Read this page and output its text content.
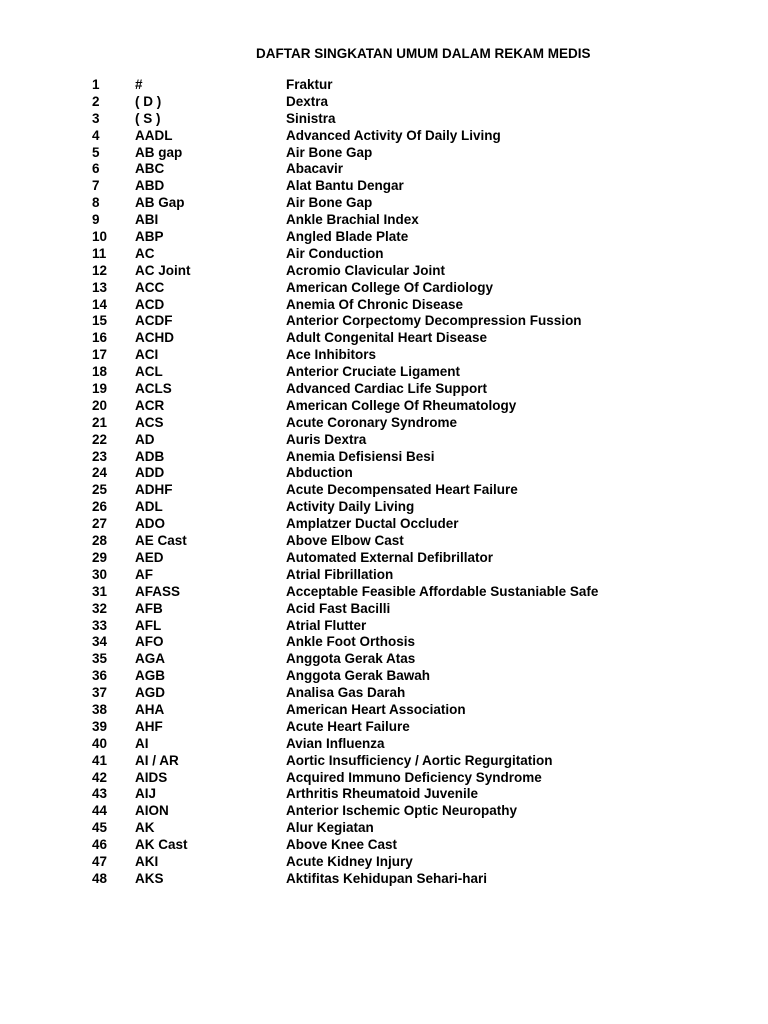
DAFTAR SINGKATAN UMUM DALAM REKAM MEDIS
1	#	Fraktur
2	( D )	Dextra
3	( S )	Sinistra
4	AADL	Advanced Activity Of Daily Living
5	AB gap	Air Bone Gap
6	ABC	Abacavir
7	ABD	Alat Bantu Dengar
8	AB Gap	Air Bone Gap
9	ABI	Ankle Brachial Index
10 ABP	Angled Blade Plate
11 AC	Air Conduction
12 AC Joint	Acromio Clavicular Joint
13 ACC	American College Of Cardiology
14 ACD	Anemia Of Chronic Disease
15 ACDF	Anterior Corpectomy Decompression Fussion
16 ACHD	Adult Congenital Heart Disease
17 ACI	Ace Inhibitors
18 ACL	Anterior Cruciate Ligament
19 ACLS	Advanced Cardiac Life Support
20 ACR	American College Of Rheumatology
21 ACS	Acute Coronary Syndrome
22 AD	Auris Dextra
23 ADB	Anemia Defisiensi Besi
24 ADD	Abduction
25 ADHF	Acute Decompensated Heart Failure
26 ADL	Activity Daily Living
27 ADO	Amplatzer Ductal Occluder
28 AE Cast	Above Elbow Cast
29 AED	Automated External Defibrillator
30 AF	Atrial Fibrillation
31 AFASS	Acceptable Feasible Affordable Sustaniable Safe
32 AFB	Acid Fast Bacilli
33 AFL	Atrial Flutter
34 AFO	Ankle Foot Orthosis
35 AGA	Anggota Gerak Atas
36 AGB	Anggota Gerak Bawah
37 AGD	Analisa Gas Darah
38 AHA	American Heart Association
39 AHF	Acute Heart Failure
40 AI	Avian Influenza
41 AI / AR	Aortic Insufficiency / Aortic Regurgitation
42 AIDS	Acquired Immuno Deficiency Syndrome
43 AIJ	Arthritis Rheumatoid Juvenile
44 AION	Anterior Ischemic Optic Neuropathy
45 AK	Alur Kegiatan
46 AK Cast	Above Knee Cast
47 AKI	Acute Kidney Injury
48 AKS	Aktifitas Kehidupan Sehari-hari
